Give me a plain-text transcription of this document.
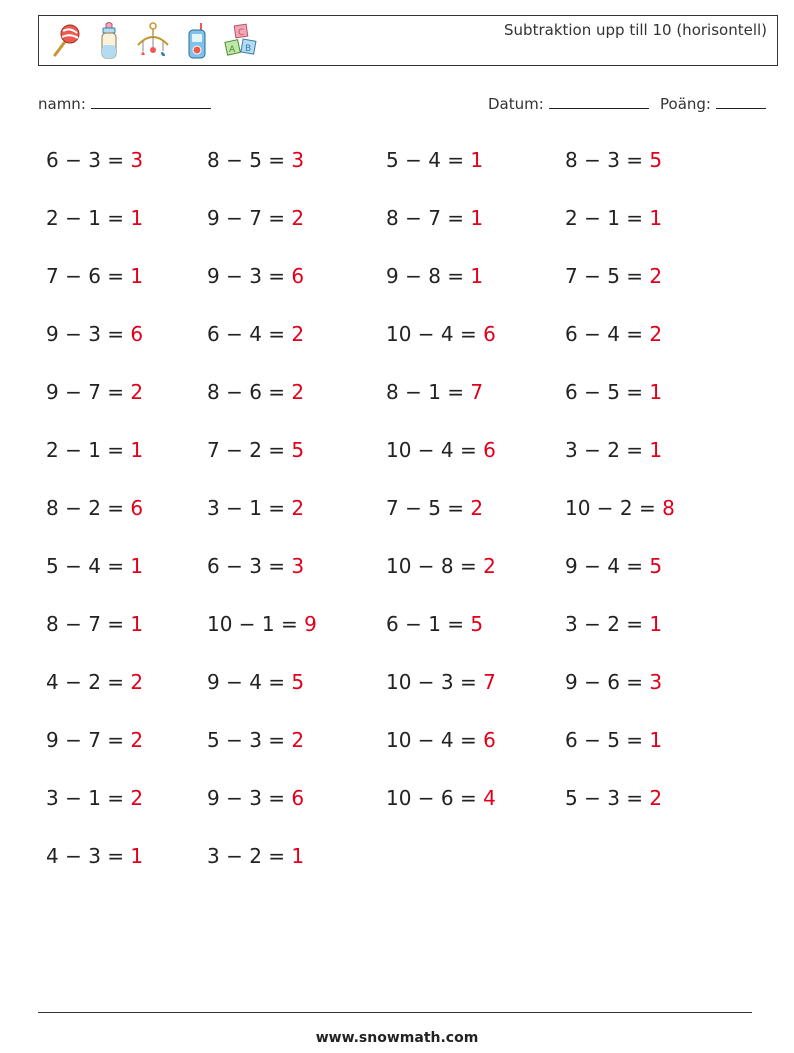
C
A B
Subtraktion upp till 10 (horisontell)
namn:	Datum:	Poäng:
6 − 3 = 3	8 − 5 = 3	5 − 4 = 1	8 − 3 = 5
2 − 1 = 1	9 − 7 = 2	8 − 7 = 1	2 − 1 = 1
7 − 6 = 1	9 − 3 = 6	9 − 8 = 1	7 − 5 = 2
9 − 3 = 6	6 − 4 = 2	10 − 4 = 6	6 − 4 = 2
9 − 7 = 2	8 − 6 = 2	8 − 1 = 7	6 − 5 = 1
2 − 1 = 1	7 − 2 = 5	10 − 4 = 6	3 − 2 = 1
8 − 2 = 6	3 − 1 = 2	7 − 5 = 2	10 − 2 = 8
5 − 4 = 1	6 − 3 = 3	10 − 8 = 2	9 − 4 = 5
8 − 7 = 1	10 − 1 = 9	6 − 1 = 5	3 − 2 = 1
4 − 2 = 2	9 − 4 = 5	10 − 3 = 7	9 − 6 = 3
9 − 7 = 2	5 − 3 = 2	10 − 4 = 6	6 − 5 = 1
3 − 1 = 2	9 − 3 = 6	10 − 6 = 4	5 − 3 = 2
4 − 3 = 1	3 − 2 = 1
www.snowmath.com
